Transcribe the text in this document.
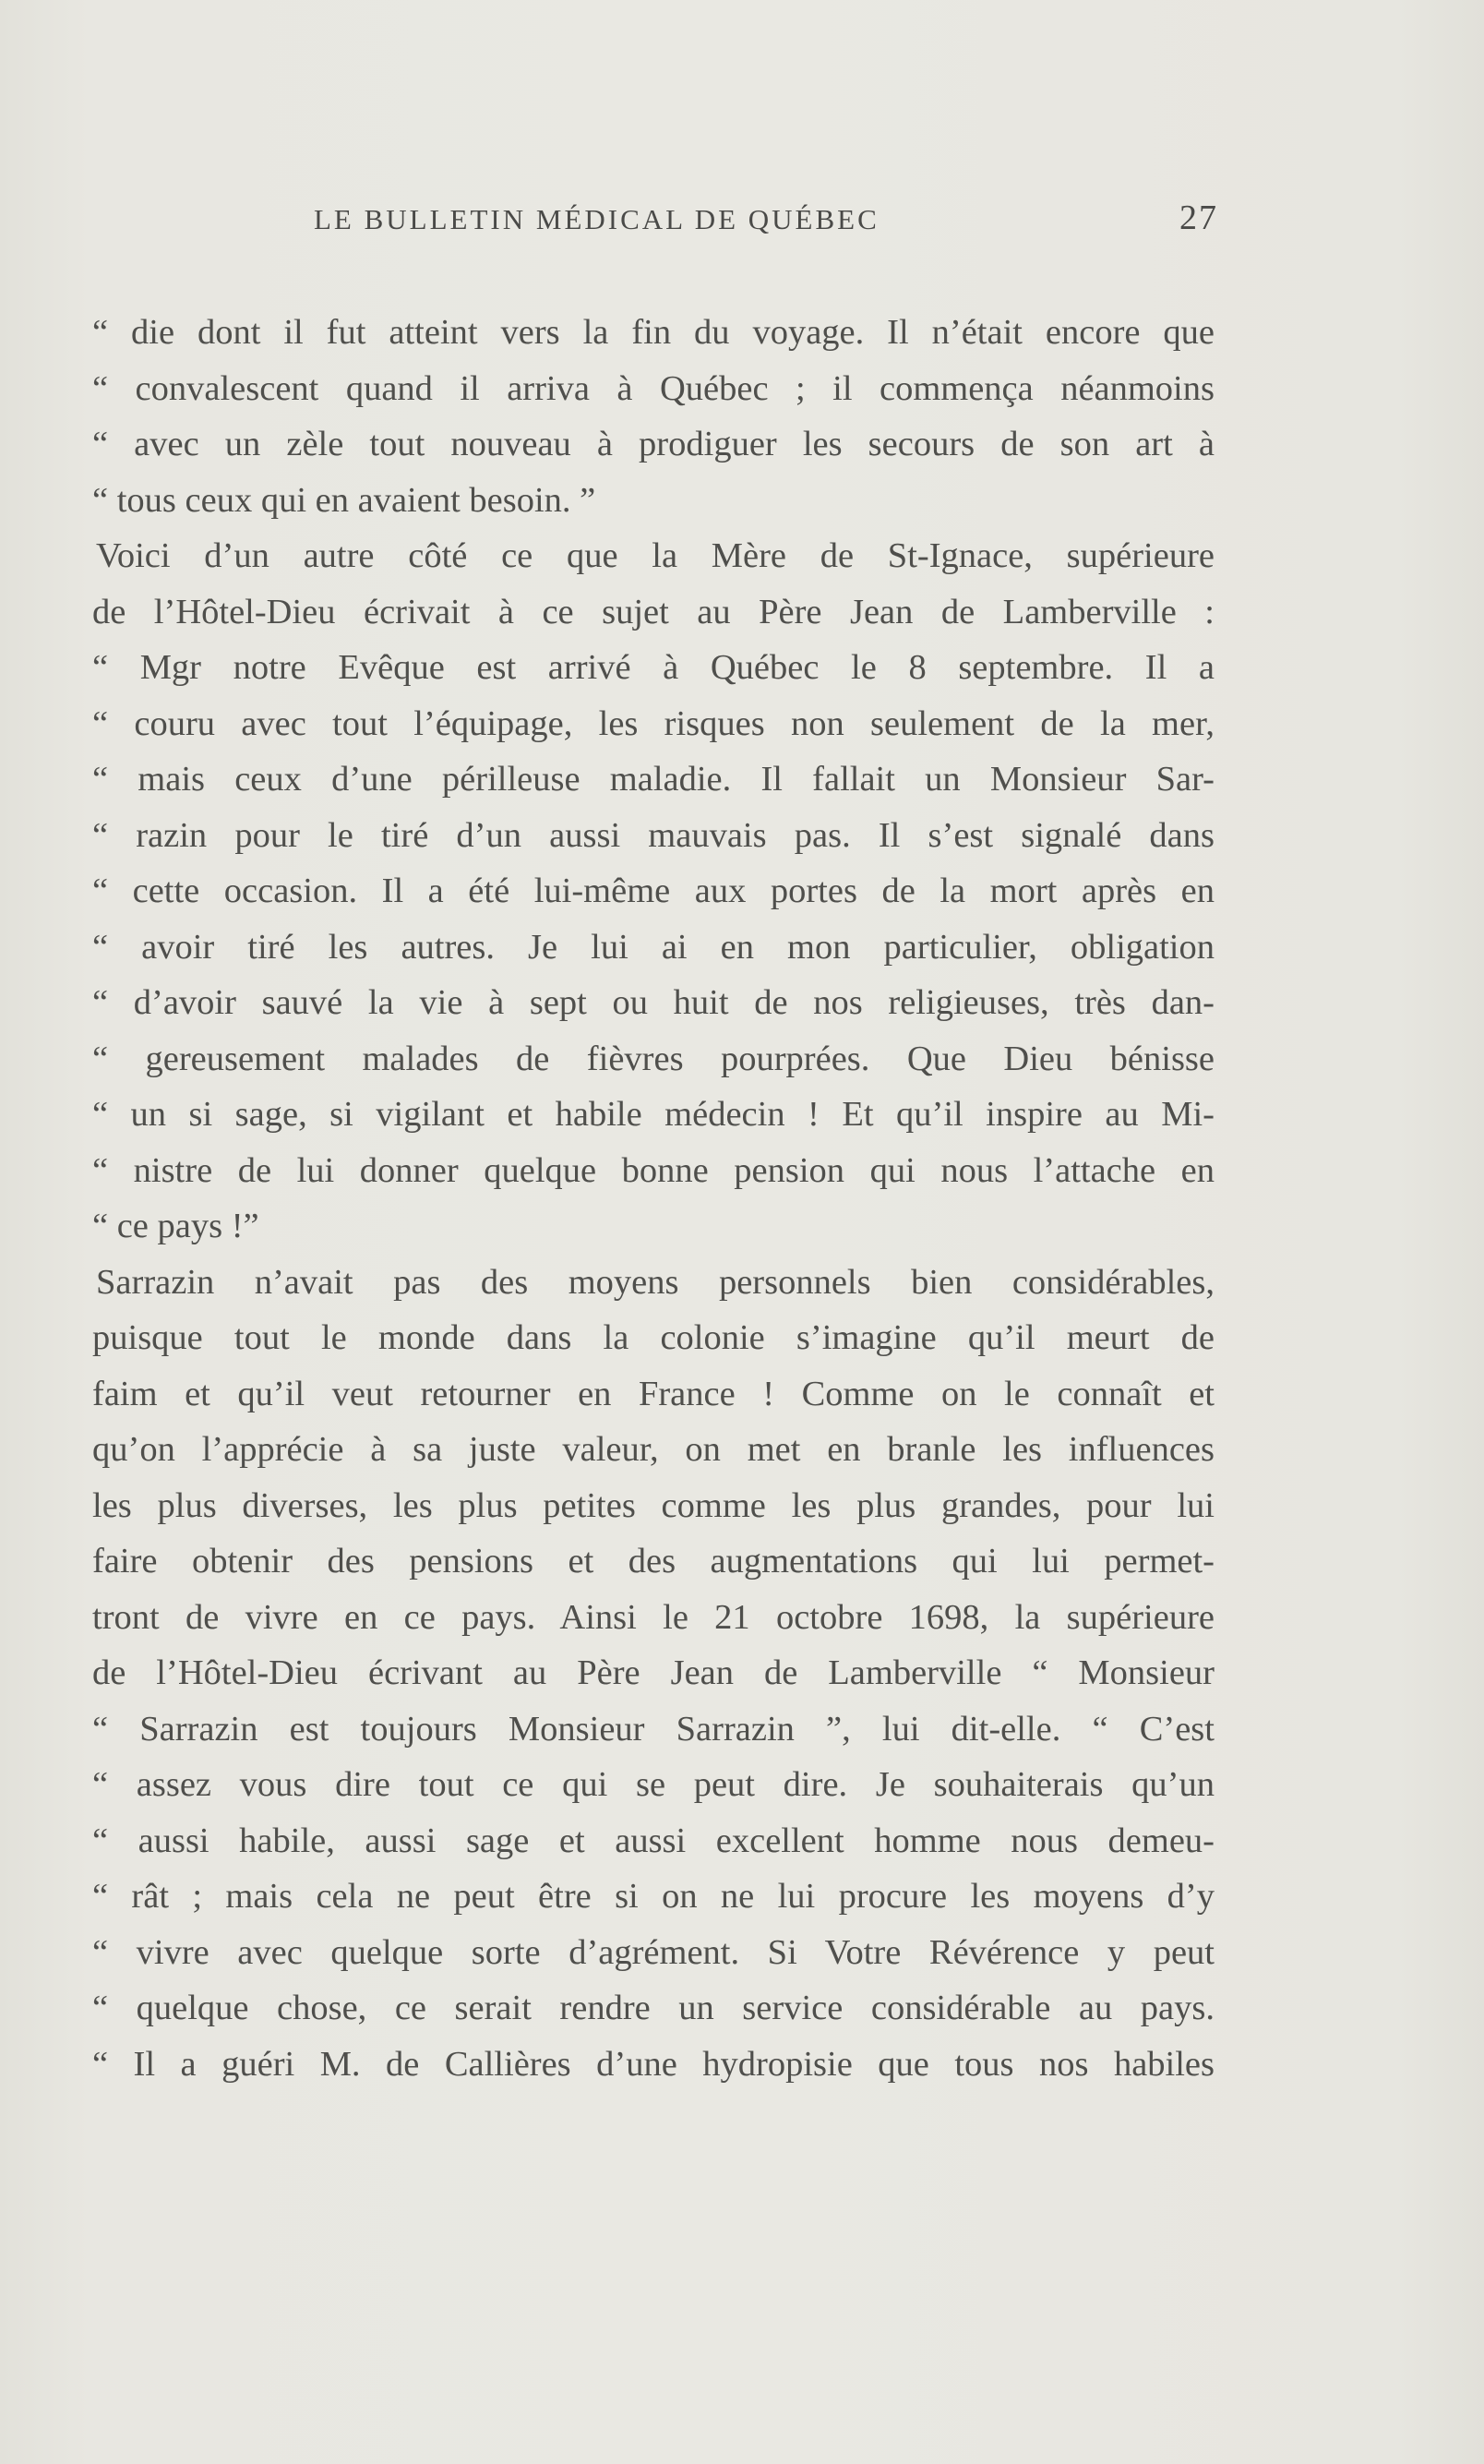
LE BULLETIN MÉDICAL DE QUÉBEC	27
“ die dont il fut atteint vers la fin du voyage. Il n’était encore que
“ convalescent quand il arriva à Québec ; il commença néanmoins
“ avec un zèle tout nouveau à prodiguer les secours de son art à
“ tous ceux qui en avaient besoin. ”
Voici d’un autre côté ce que la Mère de St-Ignace, supérieure
de l’Hôtel-Dieu écrivait à ce sujet au Père Jean de Lamberville :
“ Mgr notre Evêque est arrivé à Québec le 8 septembre. Il a
“ couru avec tout l’équipage, les risques non seulement de la mer,
“ mais ceux d’une périlleuse maladie. Il fallait un Monsieur Sar-
“ razin pour le tiré d’un aussi mauvais pas. Il s’est signalé dans
“ cette occasion. Il a été lui-même aux portes de la mort après en
“ avoir tiré les autres. Je lui ai en mon particulier, obligation
“ d’avoir sauvé la vie à sept ou huit de nos religieuses, très dan-
“ gereusement malades de fièvres pourprées. Que Dieu bénisse
“ un si sage, si vigilant et habile médecin ! Et qu’il inspire au Mi-
“ nistre de lui donner quelque bonne pension qui nous l’attache en
“ ce pays !”
Sarrazin n’avait pas des moyens personnels bien considérables,
puisque tout le monde dans la colonie s’imagine qu’il meurt de
faim et qu’il veut retourner en France ! Comme on le connaît et
qu’on l’apprécie à sa juste valeur, on met en branle les influences
les plus diverses, les plus petites comme les plus grandes, pour lui
faire obtenir des pensions et des augmentations qui lui permet-
tront de vivre en ce pays. Ainsi le 21 octobre 1698, la supérieure
de l’Hôtel-Dieu écrivant au Père Jean de Lamberville “ Monsieur
“ Sarrazin est toujours Monsieur Sarrazin ”, lui dit-elle. “ C’est
“ assez vous dire tout ce qui se peut dire. Je souhaiterais qu’un
“ aussi habile, aussi sage et aussi excellent homme nous demeu-
“ rât ; mais cela ne peut être si on ne lui procure les moyens d’y
“ vivre avec quelque sorte d’agrément. Si Votre Révérence y peut
“ quelque chose, ce serait rendre un service considérable au pays.
“ Il a guéri M. de Callières d’une hydropisie que tous nos habiles
